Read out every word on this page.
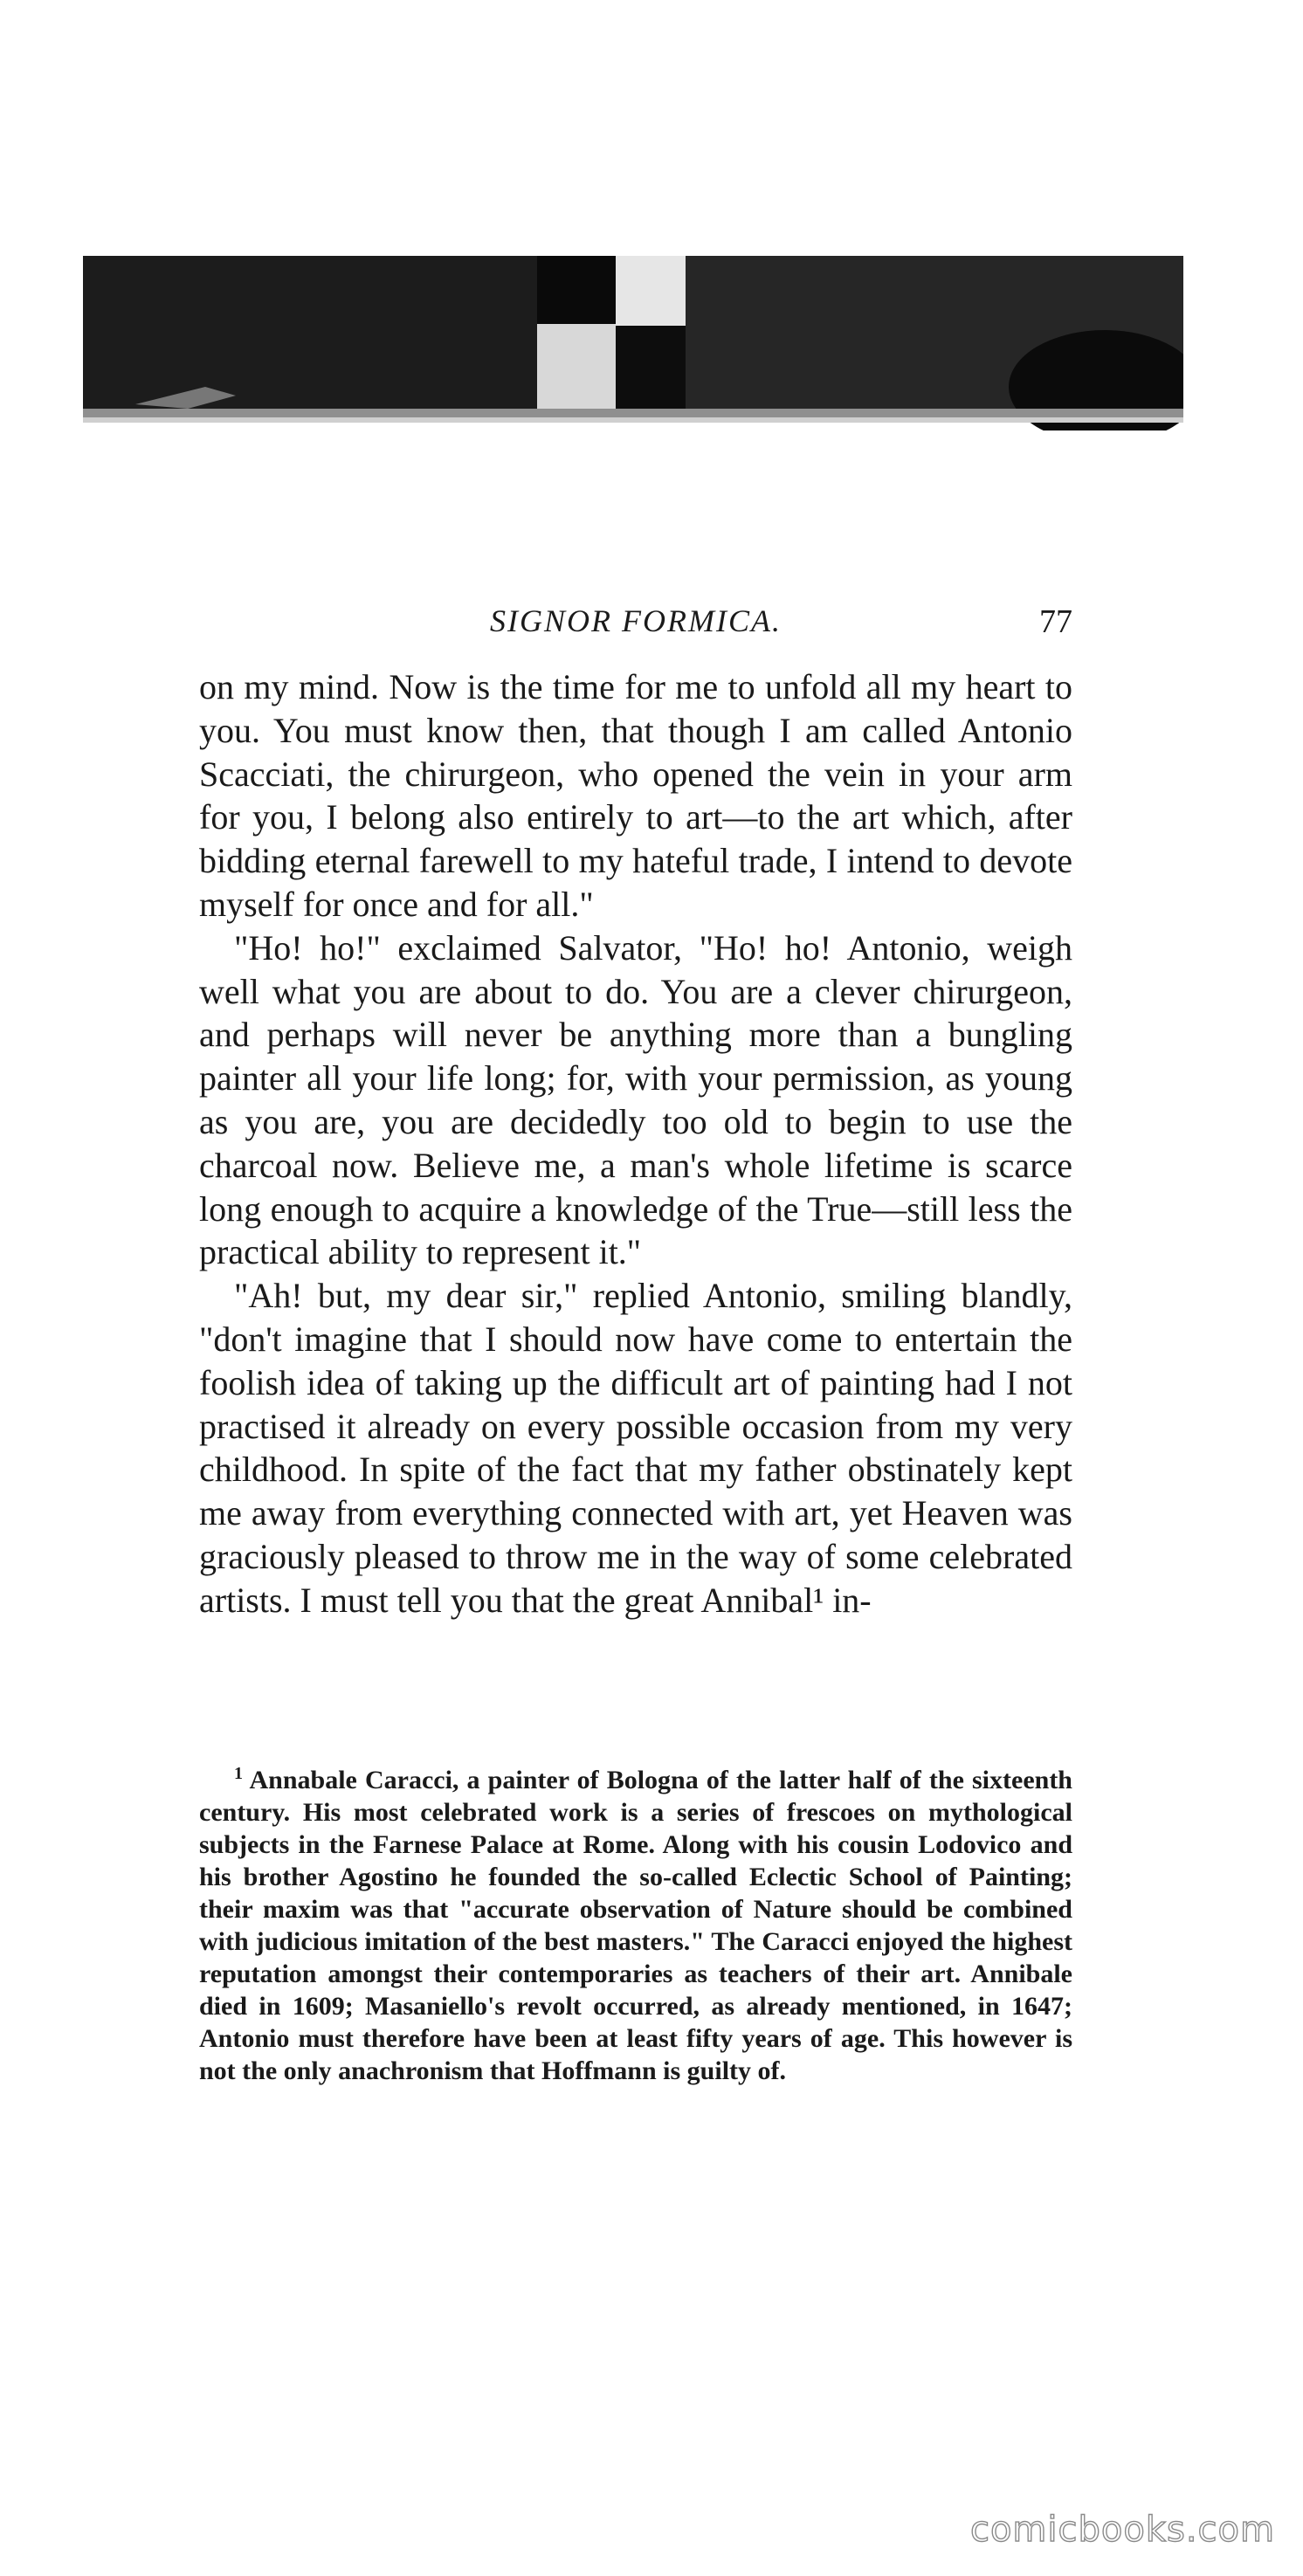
SIGNOR FORMICA.	77

on my mind. Now is the time for me to unfold all my heart to you. You must know then, that though I am called Antonio Scacciati, the chirurgeon, who opened the vein in your arm for you, I belong also entirely to art—to the art which, after bidding eternal farewell to my hateful trade, I intend to devote myself for once and for all."

"Ho! ho!" exclaimed Salvator, "Ho! ho! Antonio, weigh well what you are about to do. You are a clever chirurgeon, and perhaps will never be anything more than a bungling painter all your life long; for, with your permission, as young as you are, you are decidedly too old to begin to use the charcoal now. Believe me, a man's whole lifetime is scarce long enough to acquire a knowledge of the True—still less the practical ability to represent it."

"Ah! but, my dear sir," replied Antonio, smiling blandly, "don't imagine that I should now have come to entertain the foolish idea of taking up the difficult art of painting had I not practised it already on every possible occasion from my very childhood. In spite of the fact that my father obstinately kept me away from everything connected with art, yet Heaven was graciously pleased to throw me in the way of some celebrated artists. I must tell you that the great Annibal¹ in-

$^1$ Annabale Caracci, a painter of Bologna of the latter half of the sixteenth century. His most celebrated work is a series of frescoes on mythological subjects in the Farnese Palace at Rome. Along with his cousin Lodovico and his brother Agostino he founded the so-called Eclectic School of Painting; their maxim was that "accurate observation of Nature should be combined with judicious imitation of the best masters." The Caracci enjoyed the highest reputation amongst their contemporaries as teachers of their art. Annibale died in 1609; Masaniello's revolt occurred, as already mentioned, in 1647; Antonio must therefore have been at least fifty years of age. This however is not the only anachronism that Hoffmann is guilty of.

comicbooks.com
